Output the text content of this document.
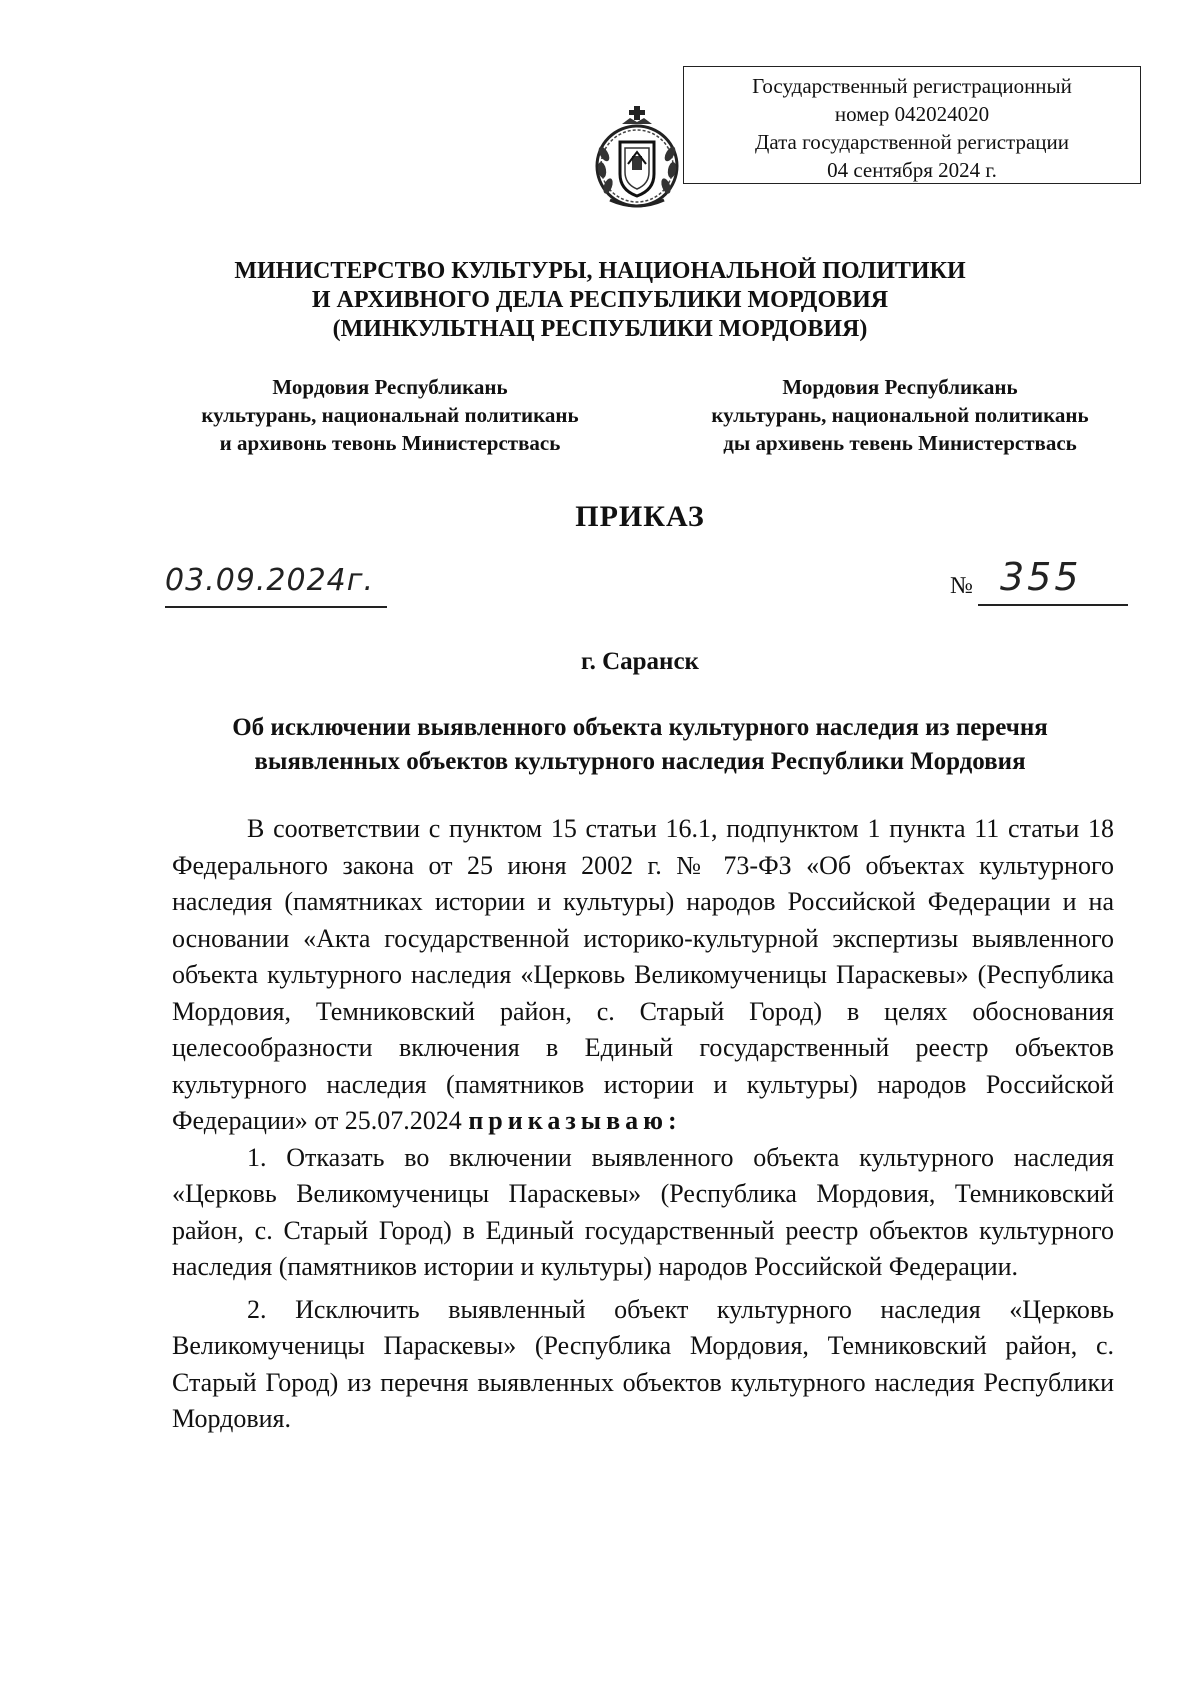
Государственный регистрационный
номер 042024020
Дата государственной регистрации
04 сентября 2024 г.
МИНИСТЕРСТВО КУЛЬТУРЫ, НАЦИОНАЛЬНОЙ ПОЛИТИКИ
И АРХИВНОГО ДЕЛА РЕСПУБЛИКИ МОРДОВИЯ
(МИНКУЛЬТНАЦ РЕСПУБЛИКИ МОРДОВИЯ)
Мордовия Республикань
культурань, национальнай политикань
и архивонь тевонь Министерствась
Мордовия Республикань
культурань, национальной политикань
ды архивень тевень Министерствась
ПРИКАЗ
03.09.2024г.	№ 355
г. Саранск
Об исключении выявленного объекта культурного наследия из перечня
выявленных объектов культурного наследия Республики Мордовия

В соответствии с пунктом 15 статьи 16.1, подпунктом 1 пункта 11 статьи 18 Федерального закона от 25 июня 2002 г. № 73-ФЗ «Об объектах культурного наследия (памятниках истории и культуры) народов Российской Федерации и на основании «Акта государственной историко-культурной экспертизы выявленного объекта культурного наследия «Церковь Великомученицы Параскевы» (Республика Мордовия, Темниковский район, с. Старый Город) в целях обоснования целесообразности включения в Единый государственный реестр объектов культурного наследия (памятников истории и культуры) народов Российской Федерации» от 25.07.2024 приказываю:

1. Отказать во включении выявленного объекта культурного наследия «Церковь Великомученицы Параскевы» (Республика Мордовия, Темниковский район, с. Старый Город) в Единый государственный реестр объектов культурного наследия (памятников истории и культуры) народов Российской Федерации.

2. Исключить выявленный объект культурного наследия «Церковь Великомученицы Параскевы» (Республика Мордовия, Темниковский район, с. Старый Город) из перечня выявленных объектов культурного наследия Республики Мордовия.
